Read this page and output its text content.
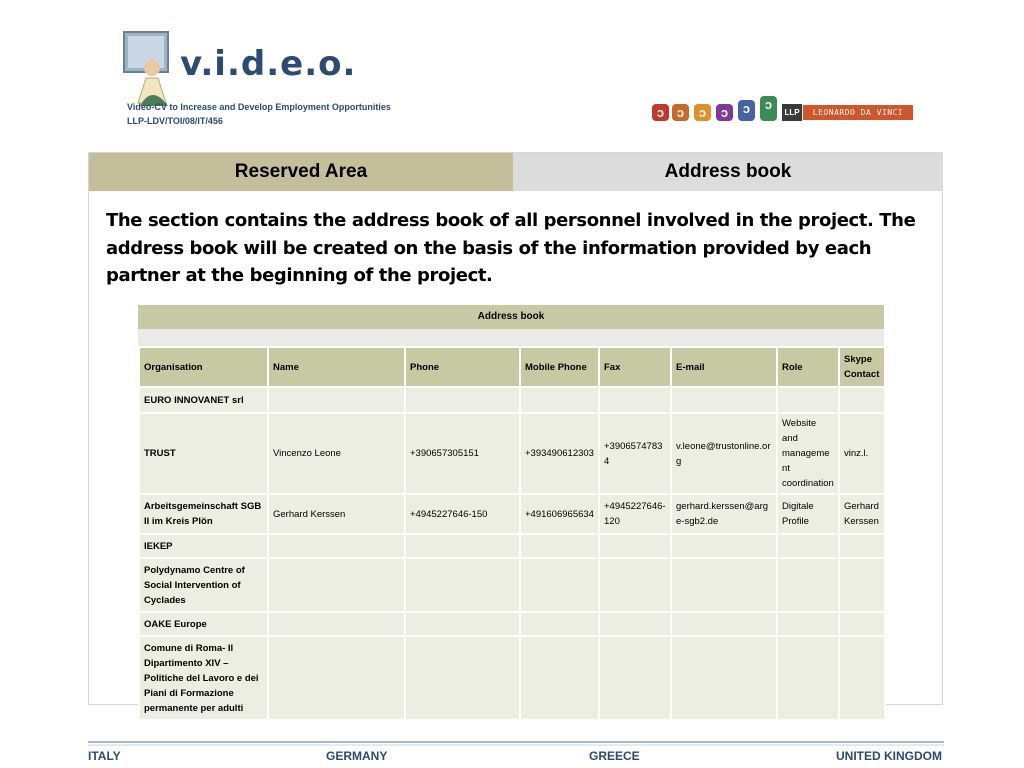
v.i.d.e.o.
Video-CV to Increase and Develop Employment Opportunities
LLP-LDV/TOI/08/IT/456
ɔ ɔ	ɔ	ɔ	ɔ	ɔ
LLP	LEONARDO DA VINCI
Reserved Area	Address book
The section contains the address book of all personnel involved in the project. The address book will be created on the basis of the information provided by each partner at the beginning of the project.
Address book
Organisation	Name	Phone	Mobile Phone	Fax	E-mail	Role	Skype Contact
EURO INNOVANET srl							
TRUST	Vincenzo Leone	+390657305151	+393490612303	+39065747834	v.leone@trustonline.org	Website and management coordination	vinz.l.
Arbeitsgemeinschaft SGB II im Kreis Plön	Gerhard Kerssen	+4945227646-150	+491606965634	+4945227646-120	gerhard.kerssen@arge-sgb2.de	Digitale Profile	Gerhard Kerssen
IEKEP							
Polydynamo Centre of Social Intervention of Cyclades							
OAKE Europe							
Comune di Roma- Il Dipartimento XIV – Politiche del Lavoro e dei Piani di Formazione permanente per adulti							
ITALY	GERMANY	GREECE	UNITED KINGDOM
